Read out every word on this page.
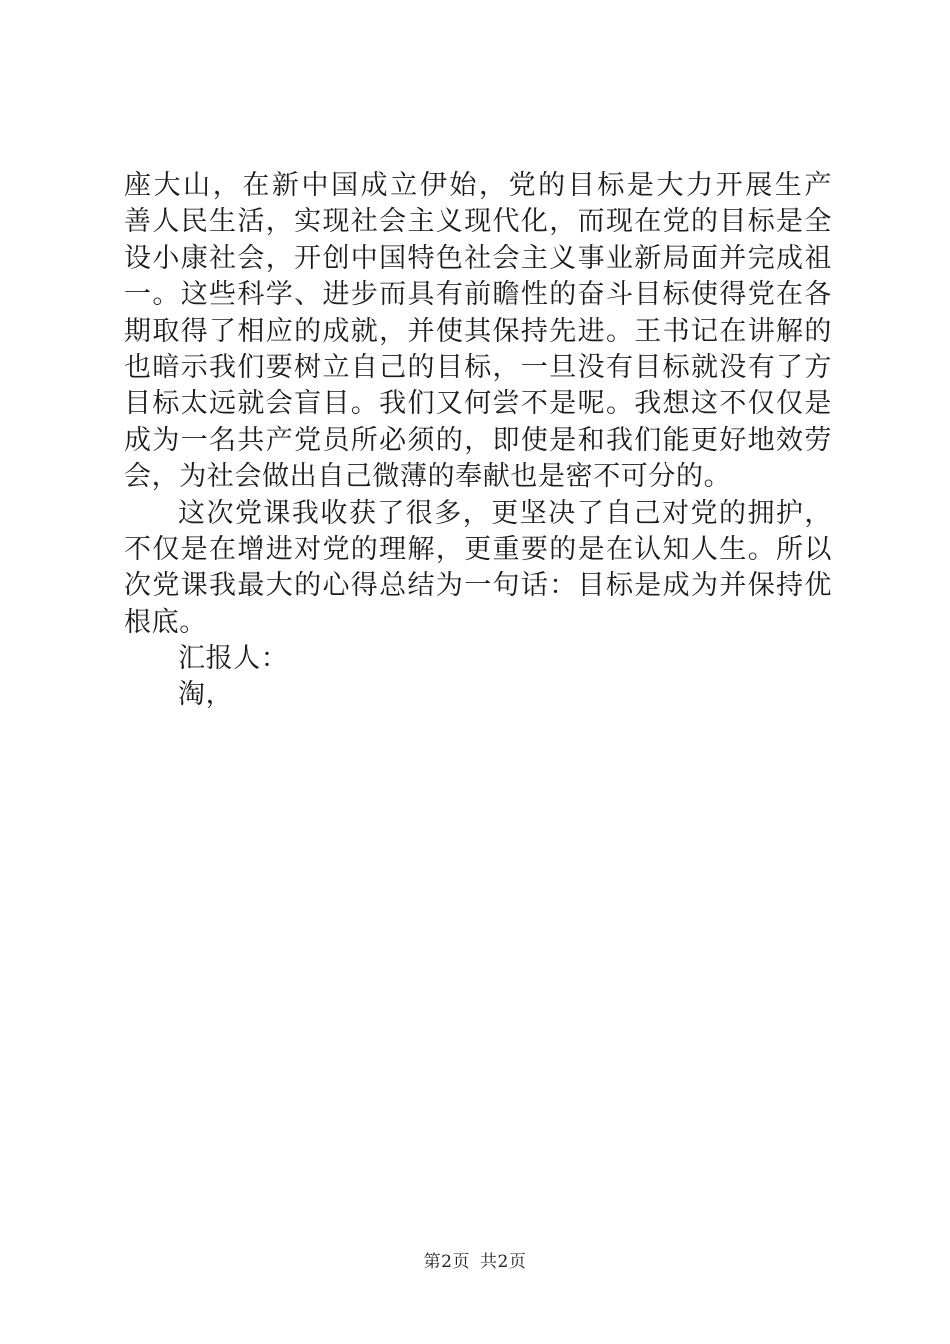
座大山，在新中国成立伊始，党的目标是大力开展生产
善人民生活，实现社会主义现代化，而现在党的目标是全
设小康社会，开创中国特色社会主义事业新局面并完成祖
一。这些科学、进步而具有前瞻性的奋斗目标使得党在各
期取得了相应的成就，并使其保持先进。王书记在讲解的
也暗示我们要树立自己的目标，一旦没有目标就没有了方
目标太远就会盲目。我们又何尝不是呢。我想这不仅仅是
成为一名共产党员所必须的，即使是和我们能更好地效劳
会，为社会做出自己微薄的奉献也是密不可分的。
这次党课我收获了很多，更坚决了自己对党的拥护，
不仅是在增进对党的理解，更重要的是在认知人生。所以
次党课我最大的心得总结为一句话：目标是成为并保持优
根底。
汇报人：
淘，
第2页 共2页
